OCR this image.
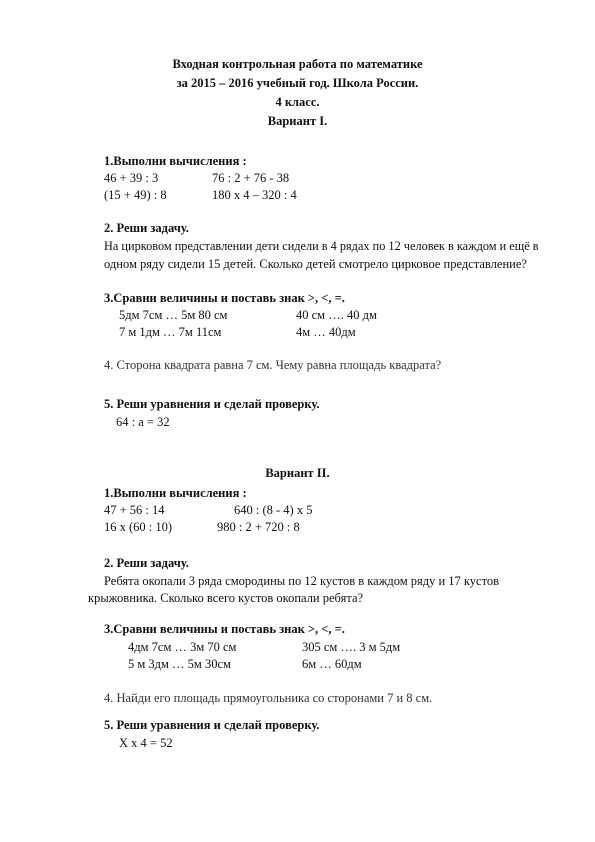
Входная контрольная работа по математике
за 2015 – 2016 учебный год. Школа России.
4 класс.
Вариант I.
1.Выполни вычисления :
46 + 39 : 3	76 : 2 + 76 - 38
(15 + 49) : 8	180 х 4 – 320 : 4
2. Реши задачу.
На цирковом представлении дети сидели в 4 рядах по 12 человек в каждом и ещё в
одном ряду сидели 15 детей. Сколько детей смотрело цирковое представление?
3.Сравни величины и поставь знак >, <, =.
5дм 7см … 5м 80 см	40 см …. 40 дм
7 м 1дм … 7м 11см	4м … 40дм
4. Сторона квадрата равна 7 см. Чему равна площадь квадрата?
5. Реши уравнения и сделай проверку.
64 : а = 32
Вариант II.
1.Выполни вычисления :
47 + 56 : 14	640 : (8 - 4) х 5
16 х (60 : 10)	980 : 2 + 720 : 8
2. Реши задачу.
Ребята окопали 3 ряда смородины по 12 кустов в каждом ряду и 17 кустов
крыжовника. Сколько всего кустов окопали ребята?
3.Сравни величины и поставь знак >, <, =.
4дм 7см … 3м 70 см	305 см …. 3 м 5дм
5 м 3дм … 5м 30см	6м … 60дм
4. Найди его площадь прямоугольника со сторонами 7 и 8 см.
5. Реши уравнения и сделай проверку.
Х х 4 = 52
